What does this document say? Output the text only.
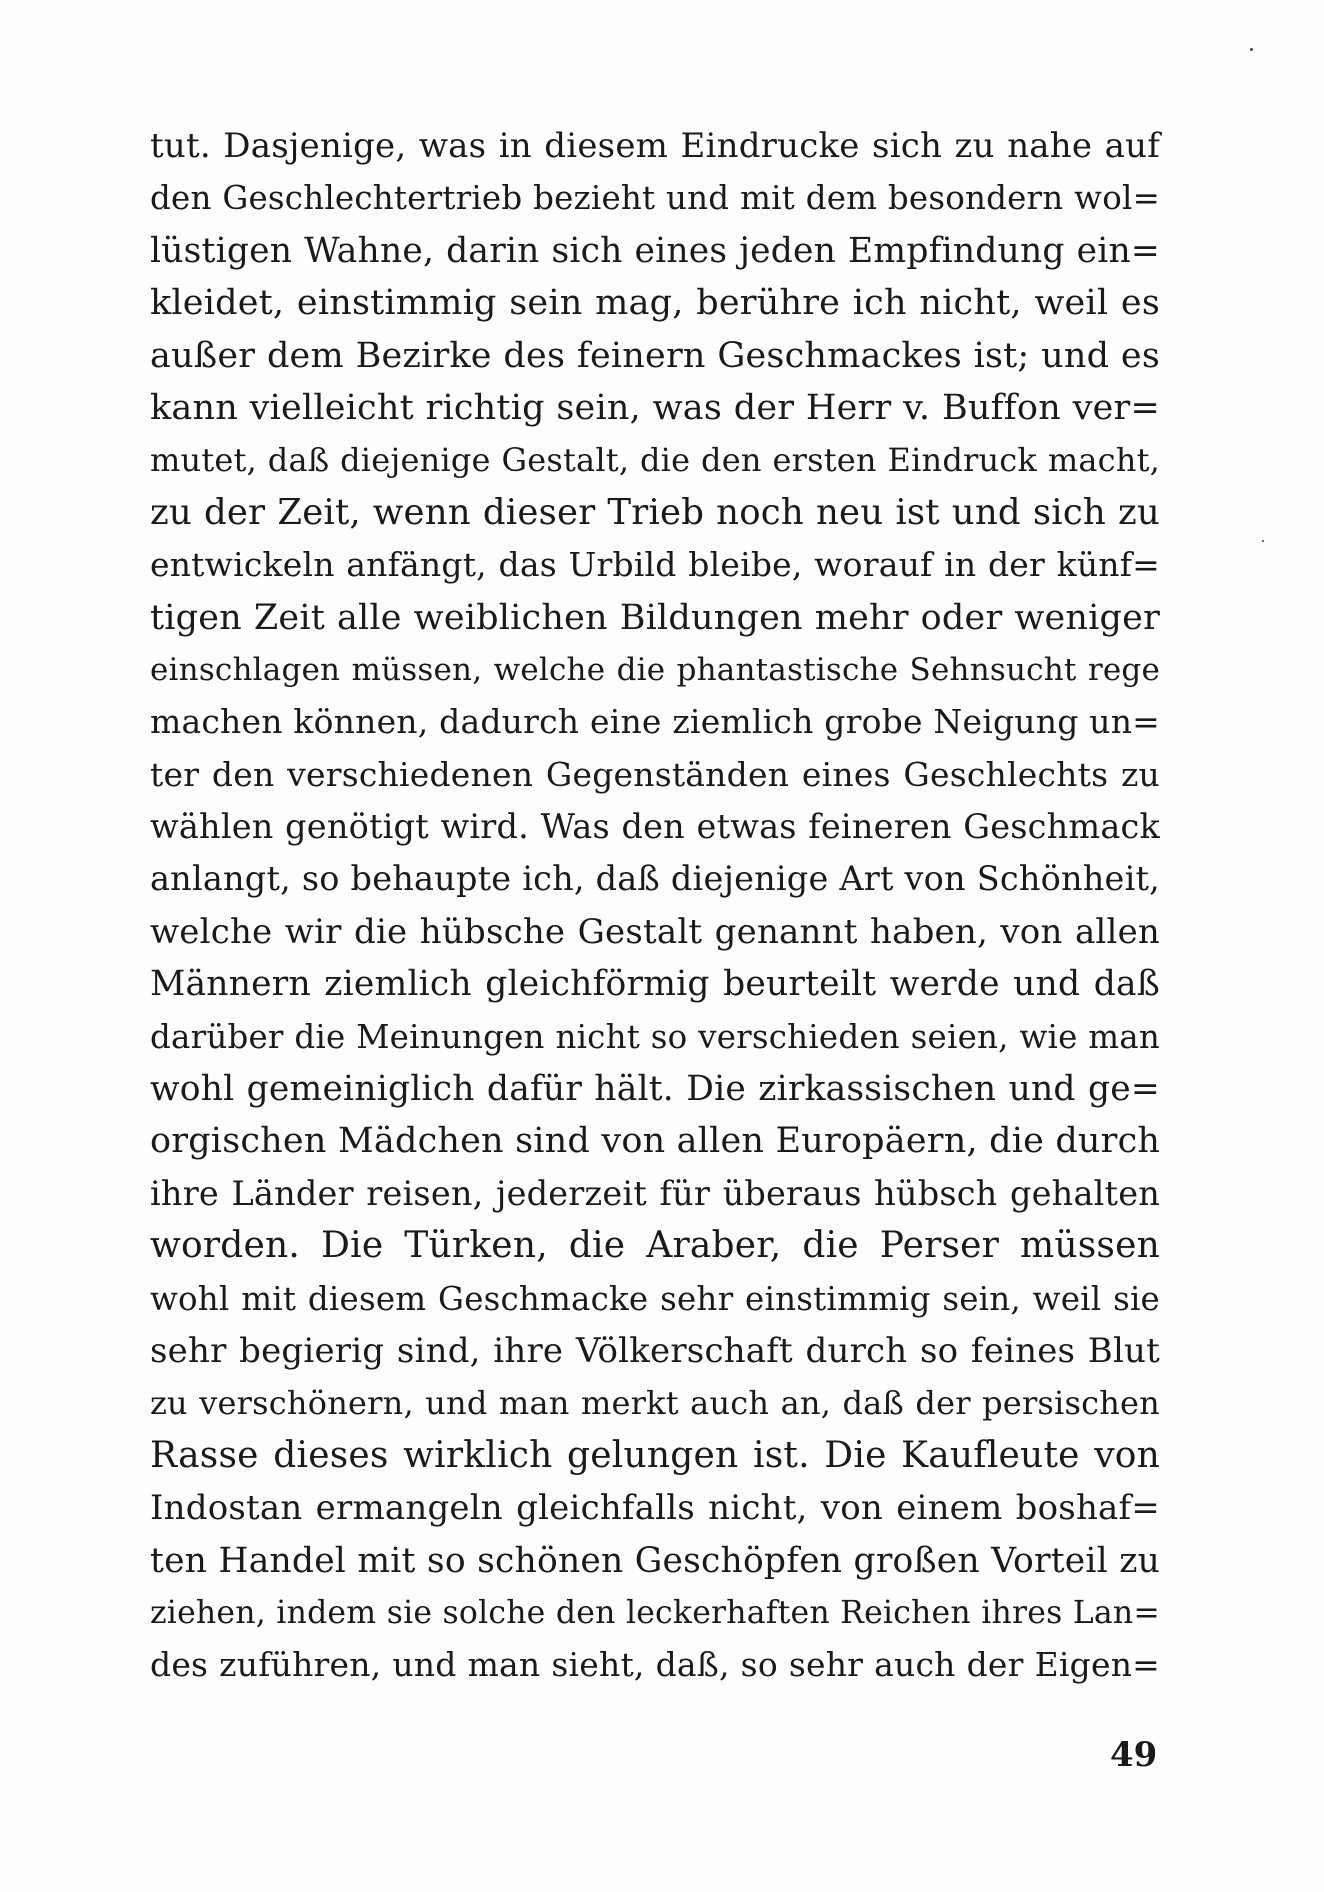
tut. Dasjenige, was in diesem Eindrucke sich zu nahe auf
den Geschlechtertrieb bezieht und mit dem besondern wol=
lüstigen Wahne, darin sich eines jeden Empfindung ein=
kleidet, einstimmig sein mag, berühre ich nicht, weil es
außer dem Bezirke des feinern Geschmackes ist; und es
kann vielleicht richtig sein, was der Herr v. Buffon ver=
mutet, daß diejenige Gestalt, die den ersten Eindruck macht,
zu der Zeit, wenn dieser Trieb noch neu ist und sich zu
entwickeln anfängt, das Urbild bleibe, worauf in der künf=
tigen Zeit alle weiblichen Bildungen mehr oder weniger
einschlagen müssen, welche die phantastische Sehnsucht rege
machen können, dadurch eine ziemlich grobe Neigung un=
ter den verschiedenen Gegenständen eines Geschlechts zu
wählen genötigt wird. Was den etwas feineren Geschmack
anlangt, so behaupte ich, daß diejenige Art von Schönheit,
welche wir die hübsche Gestalt genannt haben, von allen
Männern ziemlich gleichförmig beurteilt werde und daß
darüber die Meinungen nicht so verschieden seien, wie man
wohl gemeiniglich dafür hält. Die zirkassischen und ge=
orgischen Mädchen sind von allen Europäern, die durch
ihre Länder reisen, jederzeit für überaus hübsch gehalten
worden. Die Türken, die Araber, die Perser müssen
wohl mit diesem Geschmacke sehr einstimmig sein, weil sie
sehr begierig sind, ihre Völkerschaft durch so feines Blut
zu verschönern, und man merkt auch an, daß der persischen
Rasse dieses wirklich gelungen ist. Die Kaufleute von
Indostan ermangeln gleichfalls nicht, von einem boshaf=
ten Handel mit so schönen Geschöpfen großen Vorteil zu
ziehen, indem sie solche den leckerhaften Reichen ihres Lan=
des zuführen, und man sieht, daß, so sehr auch der Eigen=
49
